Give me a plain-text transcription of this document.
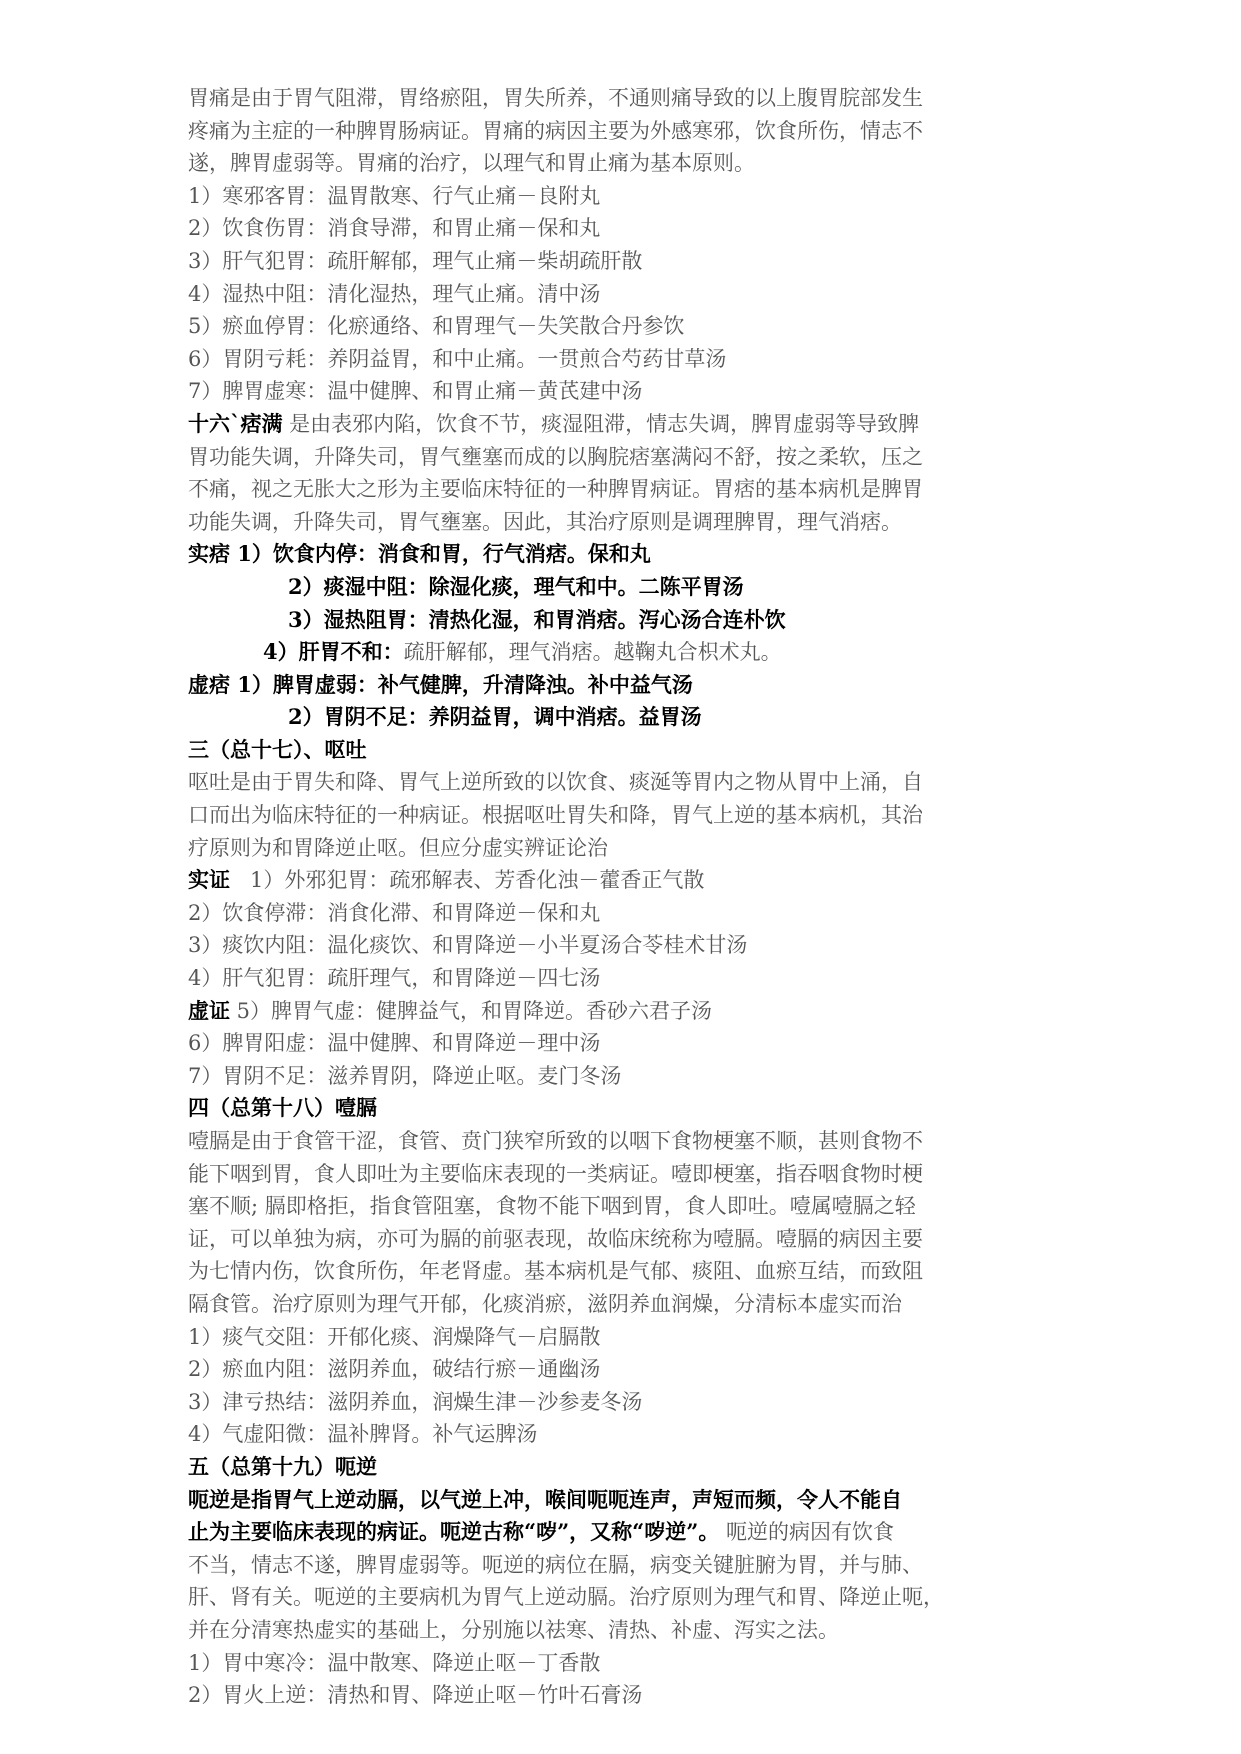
胃痛是由于胃气阻滞，胃络瘀阻，胃失所养，不通则痛导致的以上腹胃脘部发生
疼痛为主症的一种脾胃肠病证。胃痛的病因主要为外感寒邪，饮食所伤，情志不
遂，脾胃虚弱等。胃痛的治疗，以理气和胃止痛为基本原则。
1）寒邪客胃：温胃散寒、行气止痛－良附丸
2）饮食伤胃：消食导滞，和胃止痛－保和丸
3）肝气犯胃：疏肝解郁，理气止痛－柴胡疏肝散
4）湿热中阻：清化湿热，理气止痛。清中汤
5）瘀血停胃：化瘀通络、和胃理气－失笑散合丹参饮
6）胃阴亏耗：养阴益胃，和中止痛。一贯煎合芍药甘草汤
7）脾胃虚寒：温中健脾、和胃止痛－黄芪建中汤
十六`痞满 是由表邪内陷，饮食不节，痰湿阻滞，情志失调，脾胃虚弱等导致脾
胃功能失调，升降失司，胃气壅塞而成的以胸脘痞塞满闷不舒，按之柔软，压之
不痛，视之无胀大之形为主要临床特征的一种脾胃病证。胃痞的基本病机是脾胃
功能失调，升降失司，胃气壅塞。因此，其治疗原则是调理脾胃，理气消痞。
实痞 1）饮食内停：消食和胃，行气消痞。保和丸
2）痰湿中阻：除湿化痰，理气和中。二陈平胃汤
3）湿热阻胃：清热化湿，和胃消痞。泻心汤合连朴饮
4）肝胃不和：疏肝解郁，理气消痞。越鞠丸合枳术丸。
虚痞 1）脾胃虚弱：补气健脾，升清降浊。补中益气汤
2）胃阴不足：养阴益胃，调中消痞。益胃汤
三（总十七）、呕吐
呕吐是由于胃失和降、胃气上逆所致的以饮食、痰涎等胃内之物从胃中上涌，自
口而出为临床特征的一种病证。根据呕吐胃失和降，胃气上逆的基本病机，其治
疗原则为和胃降逆止呕。但应分虚实辨证论治
实证   1）外邪犯胃：疏邪解表、芳香化浊－藿香正气散
2）饮食停滞：消食化滞、和胃降逆－保和丸
3）痰饮内阻：温化痰饮、和胃降逆－小半夏汤合苓桂术甘汤
4）肝气犯胃：疏肝理气，和胃降逆－四七汤
虚证 5）脾胃气虚：健脾益气，和胃降逆。香砂六君子汤
6）脾胃阳虚：温中健脾、和胃降逆－理中汤
7）胃阴不足：滋养胃阴，降逆止呕。麦门冬汤
四（总第十八）噎膈
噎膈是由于食管干涩，食管、贲门狭窄所致的以咽下食物梗塞不顺，甚则食物不
能下咽到胃，食人即吐为主要临床表现的一类病证。噎即梗塞，指吞咽食物时梗
塞不顺; 膈即格拒，指食管阻塞，食物不能下咽到胃，食人即吐。噎属噎膈之轻
证，可以单独为病，亦可为膈的前驱表现，故临床统称为噎膈。噎膈的病因主要
为七情内伤，饮食所伤，年老肾虚。基本病机是气郁、痰阻、血瘀互结，而致阻
隔食管。治疗原则为理气开郁，化痰消瘀，滋阴养血润燥，分清标本虚实而治
1）痰气交阻：开郁化痰、润燥降气－启膈散
2）瘀血内阻：滋阴养血，破结行瘀－通幽汤
3）津亏热结：滋阴养血，润燥生津－沙参麦冬汤
4）气虚阳微：温补脾肾。补气运脾汤
五（总第十九）呃逆
呃逆是指胃气上逆动膈，以气逆上冲，喉间呃呃连声，声短而频，令人不能自
止为主要临床表现的病证。呃逆古称“哕”，又称“哕逆”。 呃逆的病因有饮食
不当，情志不遂，脾胃虚弱等。呃逆的病位在膈，病变关键脏腑为胃，并与肺、
肝、肾有关。呃逆的主要病机为胃气上逆动膈。治疗原则为理气和胃、降逆止呃，
并在分清寒热虚实的基础上，分别施以祛寒、清热、补虚、泻实之法。
1）胃中寒冷：温中散寒、降逆止呕－丁香散
2）胃火上逆：清热和胃、降逆止呕－竹叶石膏汤
